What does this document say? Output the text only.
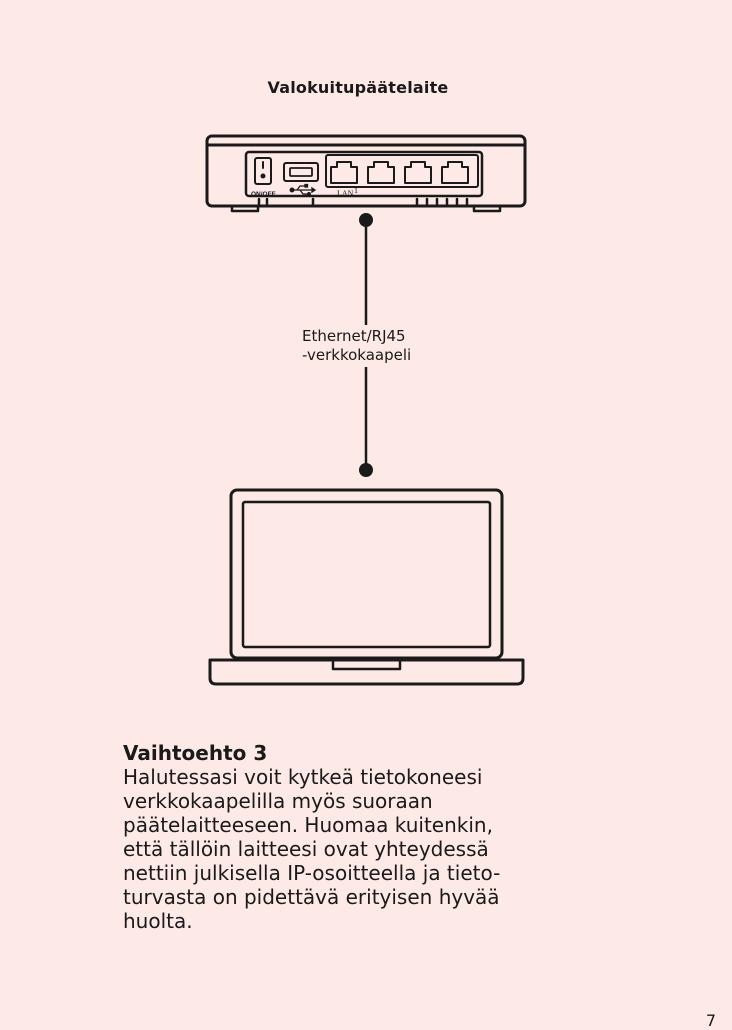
Valokuitupäätelaite
ON/OFF	LAN 1
Ethernet/RJ45
-verkkokaapeli
Vaihtoehto 3
Halutessasi voit kytkeä tietokoneesi
verkkokaapelilla myös suoraan
päätelaitteeseen. Huomaa kuitenkin,
että tällöin laitteesi ovat yhteydessä
nettiin julkisella IP-osoitteella ja tieto-
turvasta on pidettävä erityisen hyvää
huolta.
7
